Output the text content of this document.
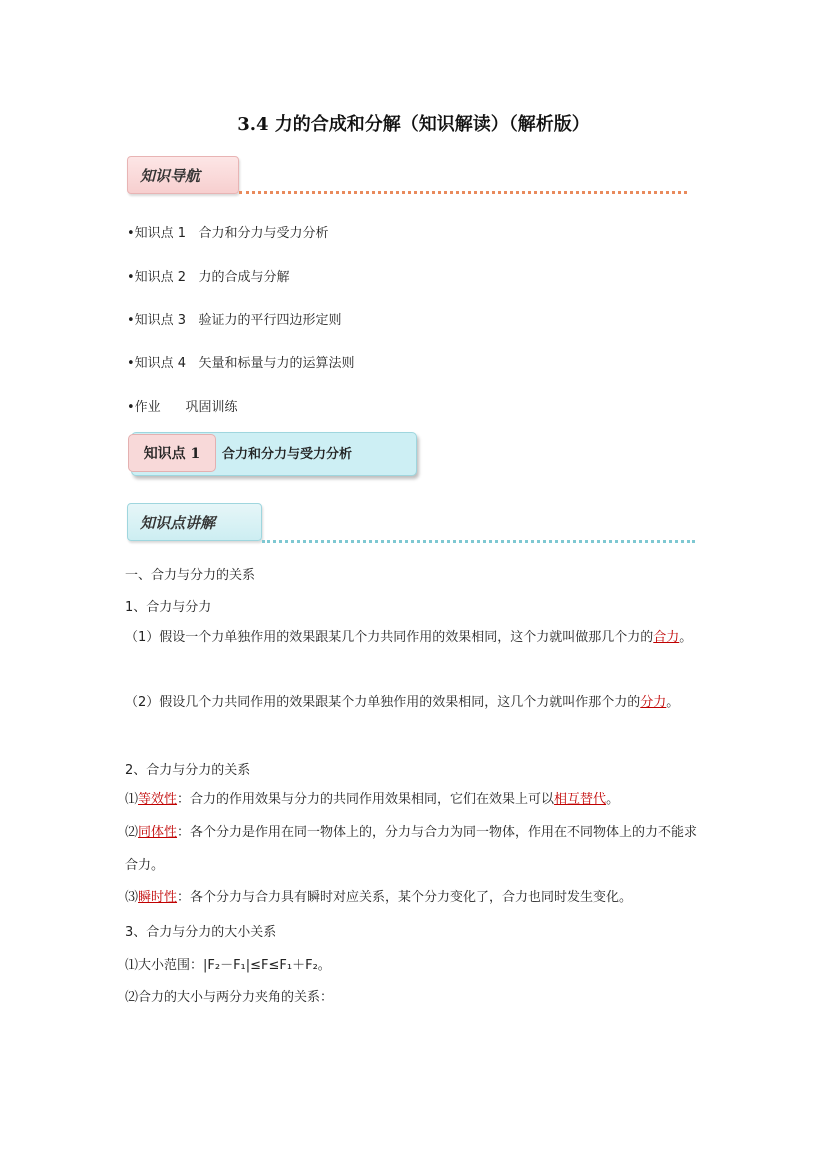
3.4 力的合成和分解（知识解读）（解析版）
知识导航
•知识点 1   合力和分力与受力分析
•知识点 2   力的合成与分解
•知识点 3   验证力的平行四边形定则
•知识点 4   矢量和标量与力的运算法则
•作业      巩固训练
知识点 1	合力和分力与受力分析
知识点讲解
一、合力与分力的关系
1、合力与分力
（1）假设一个力单独作用的效果跟某几个力共同作用的效果相同，这个力就叫做那几个力的合力。
（2）假设几个力共同作用的效果跟某个力单独作用的效果相同，这几个力就叫作那个力的分力。
2、合力与分力的关系
⑴等效性：合力的作用效果与分力的共同作用效果相同，它们在效果上可以相互替代。
⑵同体性：各个分力是作用在同一物体上的，分力与合力为同一物体，作用在不同物体上的力不能求合力。
⑶瞬时性：各个分力与合力具有瞬时对应关系，某个分力变化了，合力也同时发生变化。
3、合力与分力的大小关系
⑴大小范围：|F₂－F₁|≤F≤F₁＋F₂。
⑵合力的大小与两分力夹角的关系：
